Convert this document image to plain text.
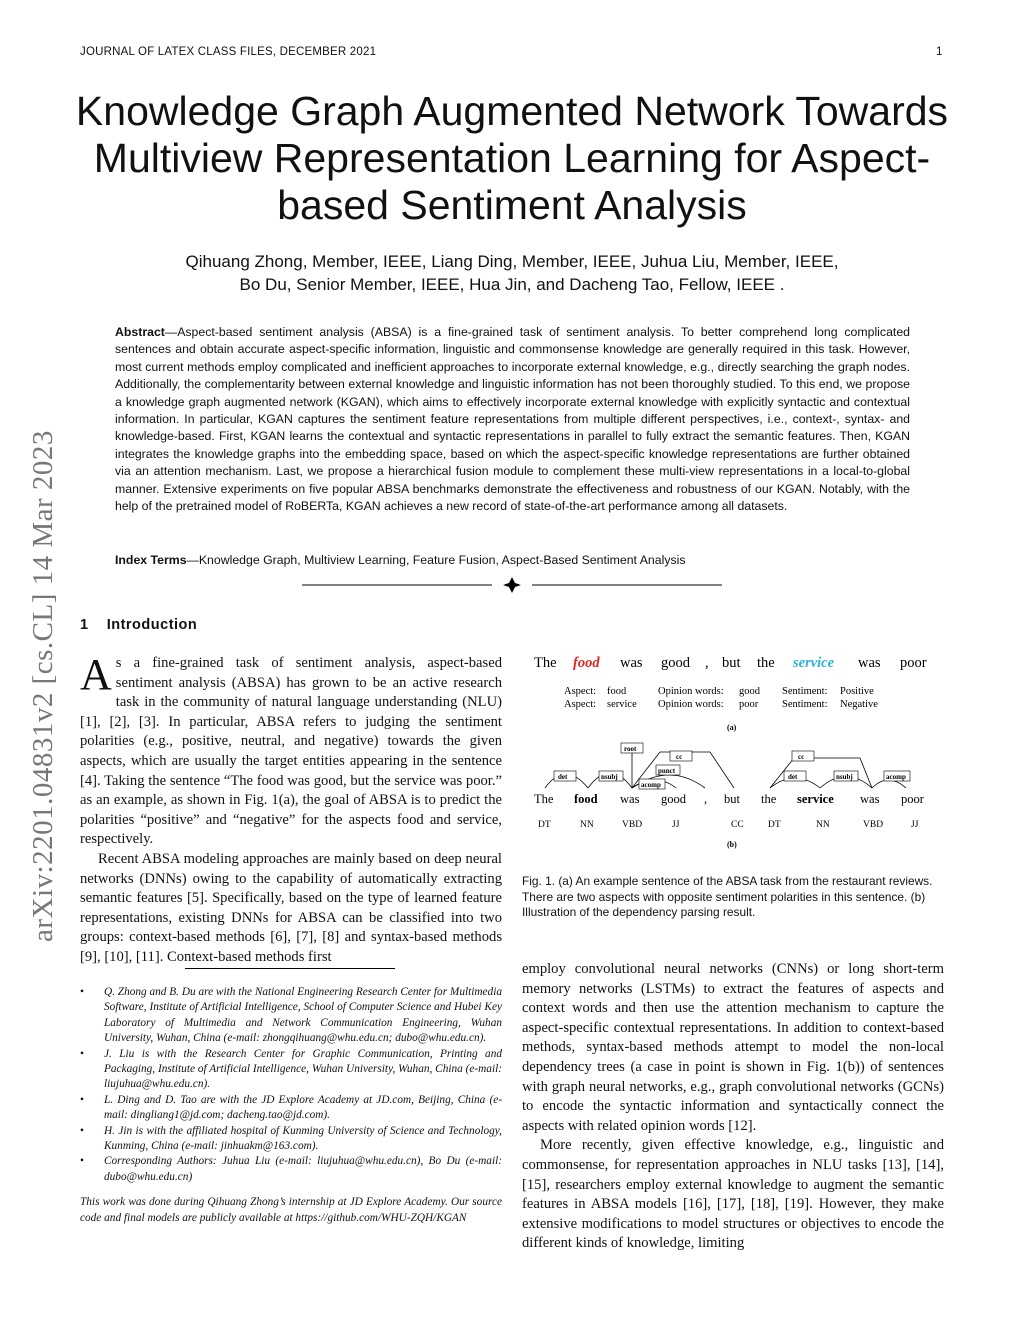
JOURNAL OF LATEX CLASS FILES, DECEMBER 2021	1
Knowledge Graph Augmented Network Towards Multiview Representation Learning for Aspect-based Sentiment Analysis
Qihuang Zhong, Member, IEEE, Liang Ding, Member, IEEE, Juhua Liu, Member, IEEE,
Bo Du, Senior Member, IEEE, Hua Jin, and Dacheng Tao, Fellow, IEEE .
Abstract—Aspect-based sentiment analysis (ABSA) is a fine-grained task of sentiment analysis. To better comprehend long complicated sentences and obtain accurate aspect-specific information, linguistic and commonsense knowledge are generally required in this task. However, most current methods employ complicated and inefficient approaches to incorporate external knowledge, e.g., directly searching the graph nodes. Additionally, the complementarity between external knowledge and linguistic information has not been thoroughly studied. To this end, we propose a knowledge graph augmented network (KGAN), which aims to effectively incorporate external knowledge with explicitly syntactic and contextual information. In particular, KGAN captures the sentiment feature representations from multiple different perspectives, i.e., context-, syntax- and knowledge-based. First, KGAN learns the contextual and syntactic representations in parallel to fully extract the semantic features. Then, KGAN integrates the knowledge graphs into the embedding space, based on which the aspect-specific knowledge representations are further obtained via an attention mechanism. Last, we propose a hierarchical fusion module to complement these multi-view representations in a local-to-global manner. Extensive experiments on five popular ABSA benchmarks demonstrate the effectiveness and robustness of our KGAN. Notably, with the help of the pretrained model of RoBERTa, KGAN achieves a new record of state-of-the-art performance among all datasets.
Index Terms—Knowledge Graph, Multiview Learning, Feature Fusion, Aspect-Based Sentiment Analysis
arXiv:2201.04831v2 [cs.CL] 14 Mar 2023 1 Introduction

As a fine-grained task of sentiment analysis, aspect-based sentiment analysis (ABSA) has grown to be an active research task in the community of natural language understanding (NLU) [1], [2], [3]. In particular, ABSA refers to judging the sentiment polarities (e.g., positive, neutral, and negative) towards the given aspects, which are usually the target entities appearing in the sentence [4]. Taking the sentence “The food was good, but the service was poor.” as an example, as shown in Fig. 1(a), the goal of ABSA is to predict the polarities “positive” and “negative” for the aspects food and service, respectively.

Recent ABSA modeling approaches are mainly based on deep neural networks (DNNs) owing to the capability of automatically extracting semantic features [5]. Specifically, based on the type of learned feature representations, existing DNNs for ABSA can be classified into two groups: context-based methods [6], [7], [8] and syntax-based methods [9], [10], [11]. Context-based methods first

• Q. Zhong and B. Du are with the National Engineering Research Center for Multimedia Software, Institute of Artificial Intelligence, School of Computer Science and Hubei Key Laboratory of Multimedia and Network Communication Engineering, Wuhan University, Wuhan, China (e-mail: zhongqihuang@whu.edu.cn; dubo@whu.edu.cn).
• J. Liu is with the Research Center for Graphic Communication, Printing and Packaging, Institute of Artificial Intelligence, Wuhan University, Wuhan, China (e-mail: liujuhua@whu.edu.cn).
• L. Ding and D. Tao are with the JD Explore Academy at JD.com, Beijing, China (e-mail: dingliang1@jd.com; dacheng.tao@jd.com).
• H. Jin is with the affiliated hospital of Kunming University of Science and Technology, Kunming, China (e-mail: jinhuakm@163.com).
• Corresponding Authors: Juhua Liu (e-mail: liujuhua@whu.edu.cn), Bo Du (e-mail: dubo@whu.edu.cn)
This work was done during Qihuang Zhong’s internship at JD Explore Academy. Our source code and final models are publicly available at https://github.com/WHU-ZQH/KGAN
The food was good , but the service was poor
Aspect: food
Aspect: service
Opinion words: good
Opinion words: poor
Sentiment: Positive
Sentiment: Negative
(a)
root
det	nsubj
cc
punct
acomp
cc
det	nsubj	acomp
The food was good , but the service was poor
DT	NN	VBD	JJ	CC	DT	NN	VBD	JJ
(b)
Fig. 1. (a) An example sentence of the ABSA task from the restaurant reviews. There are two aspects with opposite sentiment polarities in this sentence. (b) Illustration of the dependency parsing result.

employ convolutional neural networks (CNNs) or long short-term memory networks (LSTMs) to extract the features of aspects and context words and then use the attention mechanism to capture the aspect-specific contextual representations. In addition to context-based methods, syntax-based methods attempt to model the non-local dependency trees (a case in point is shown in Fig. 1(b)) of sentences with graph neural networks, e.g., graph convolutional networks (GCNs) to encode the syntactic information and syntactically connect the aspects with related opinion words [12].

More recently, given effective knowledge, e.g., linguistic and commonsense, for representation approaches in NLU tasks [13], [14], [15], researchers employ external knowledge to augment the semantic features in ABSA models [16], [17], [18], [19]. However, they make extensive modifications to model structures or objectives to encode the different kinds of knowledge, limiting
